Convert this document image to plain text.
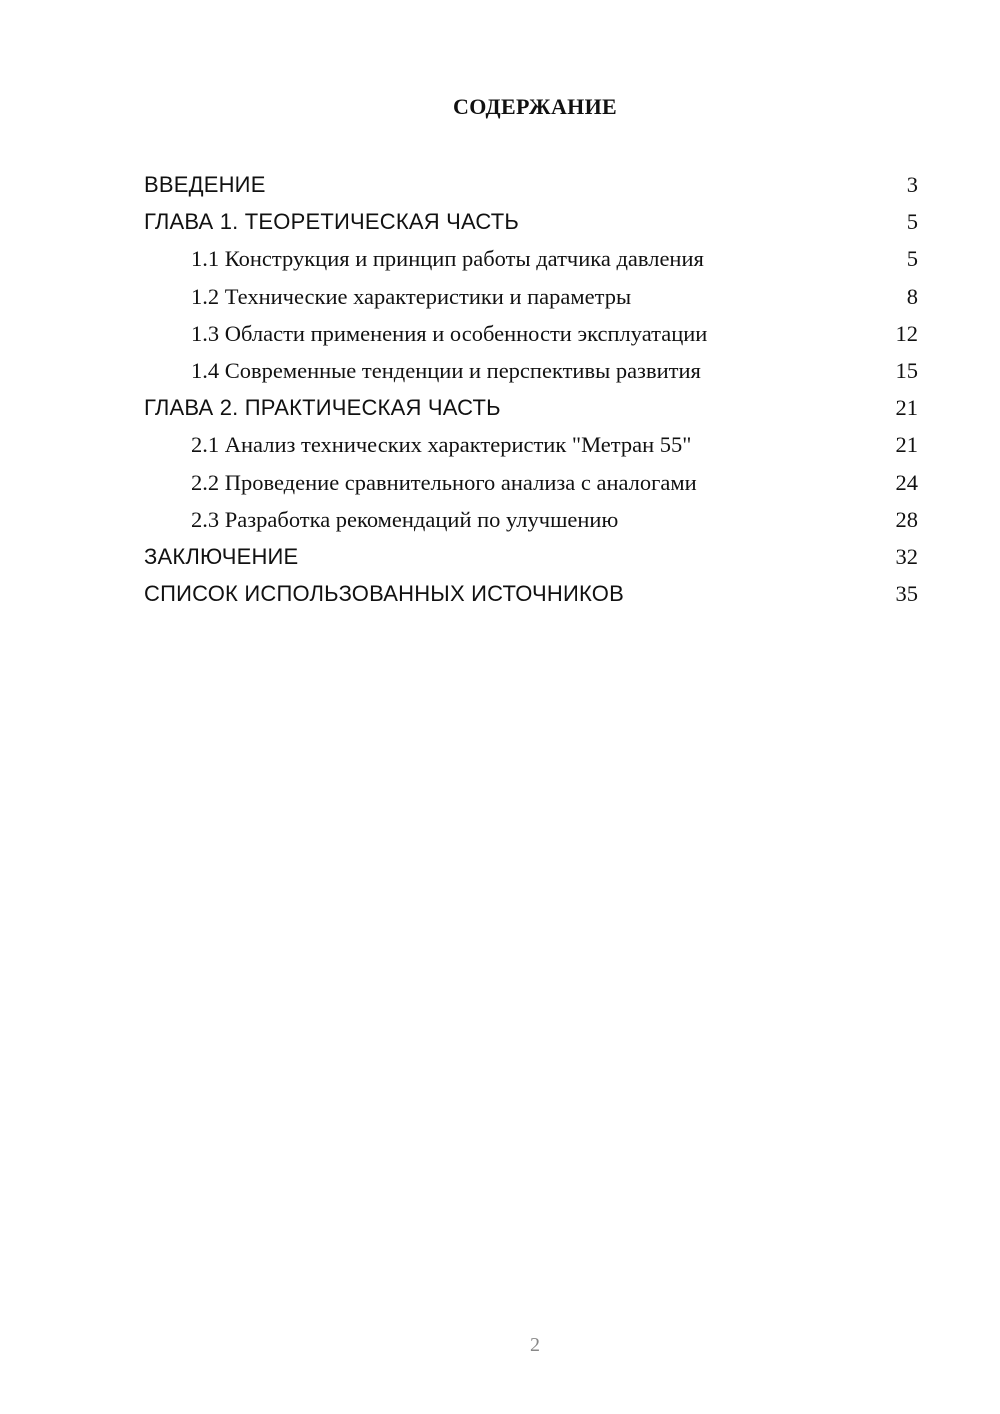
СОДЕРЖАНИЕ
ВВЕДЕНИЕ	3
ГЛАВА 1. ТЕОРЕТИЧЕСКАЯ ЧАСТЬ	5
1.1 Конструкция и принцип работы датчика давления	5
1.2 Технические характеристики и параметры	8
1.3 Области применения и особенности эксплуатации	12
1.4 Современные тенденции и перспективы развития	15
ГЛАВА 2. ПРАКТИЧЕСКАЯ ЧАСТЬ	21
2.1 Анализ технических характеристик "Метран 55"	21
2.2 Проведение сравнительного анализа с аналогами	24
2.3 Разработка рекомендаций по улучшению	28
ЗАКЛЮЧЕНИЕ	32
СПИСОК ИСПОЛЬЗОВАННЫХ ИСТОЧНИКОВ	35
2
